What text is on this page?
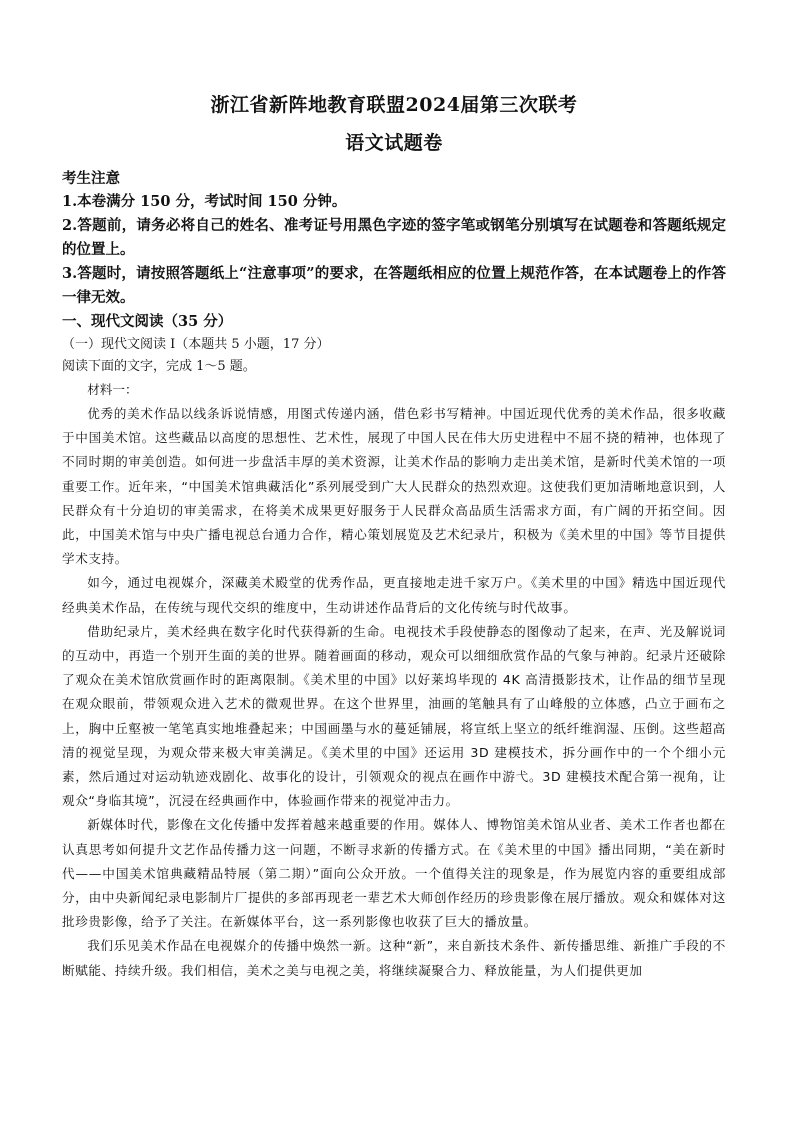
浙江省新阵地教育联盟2024届第三次联考
语文试题卷

考生注意

1.本卷满分 150 分，考试时间 150 分钟。

2.答题前，请务必将自己的姓名、准考证号用黑色字迹的签字笔或钢笔分别填写在试题卷和答题纸规定的位置上。

3.答题时，请按照答题纸上“注意事项”的要求，在答题纸相应的位置上规范作答，在本试题卷上的作答一律无效。

一、现代文阅读（35 分）

（一）现代文阅读 I（本题共 5 小题，17 分）

阅读下面的文字，完成 1～5 题。

材料一：

优秀的美术作品以线条诉说情感，用图式传递内涵，借色彩书写精神。中国近现代优秀的美术作品，很多收藏于中国美术馆。这些藏品以高度的思想性、艺术性，展现了中国人民在伟大历史进程中不屈不挠的精神，也体现了不同时期的审美创造。如何进一步盘活丰厚的美术资源，让美术作品的影响力走出美术馆，是新时代美术馆的一项重要工作。近年来，“中国美术馆典藏活化”系列展受到广大人民群众的热烈欢迎。这使我们更加清晰地意识到，人民群众有十分迫切的审美需求，在将美术成果更好服务于人民群众高品质生活需求方面，有广阔的开拓空间。因此，中国美术馆与中央广播电视总台通力合作，精心策划展览及艺术纪录片，积极为《美术里的中国》等节目提供学术支持。

如今，通过电视媒介，深藏美术殿堂的优秀作品，更直接地走进千家万户。《美术里的中国》精选中国近现代经典美术作品，在传统与现代交织的维度中，生动讲述作品背后的文化传统与时代故事。

借助纪录片，美术经典在数字化时代获得新的生命。电视技术手段使静态的图像动了起来，在声、光及解说词的互动中，再造一个别开生面的美的世界。随着画面的移动，观众可以细细欣赏作品的气象与神韵。纪录片还破除了观众在美术馆欣赏画作时的距离限制。《美术里的中国》以好莱坞毕现的 4K 高清摄影技术，让作品的细节呈现在观众眼前，带领观众进入艺术的微观世界。在这个世界里，油画的笔触具有了山峰般的立体感，凸立于画布之上，胸中丘壑被一笔笔真实地堆叠起来；中国画墨与水的蔓延铺展，将宣纸上坚立的纸纤维润湿、压倒。这些超高清的视觉呈现，为观众带来极大审美满足。《美术里的中国》还运用 3D 建模技术，拆分画作中的一个个细小元素，然后通过对运动轨迹戏剧化、故事化的设计，引领观众的视点在画作中游弋。3D 建模技术配合第一视角，让观众“身临其境”，沉浸在经典画作中，体验画作带来的视觉冲击力。

新媒体时代，影像在文化传播中发挥着越来越重要的作用。媒体人、博物馆美术馆从业者、美术工作者也都在认真思考如何提升文艺作品传播力这一问题，不断寻求新的传播方式。在《美术里的中国》播出同期，“美在新时代——中国美术馆典藏精品特展（第二期）”面向公众开放。一个值得关注的现象是，作为展览内容的重要组成部分，由中央新闻纪录电影制片厂提供的多部再现老一辈艺术大师创作经历的珍贵影像在展厅播放。观众和媒体对这批珍贵影像，给予了关注。在新媒体平台，这一系列影像也收获了巨大的播放量。

我们乐见美术作品在电视媒介的传播中焕然一新。这种“新”，来自新技术条件、新传播思维、新推广手段的不断赋能、持续升级。我们相信，美术之美与电视之美，将继续凝聚合力、释放能量，为人们提供更加
